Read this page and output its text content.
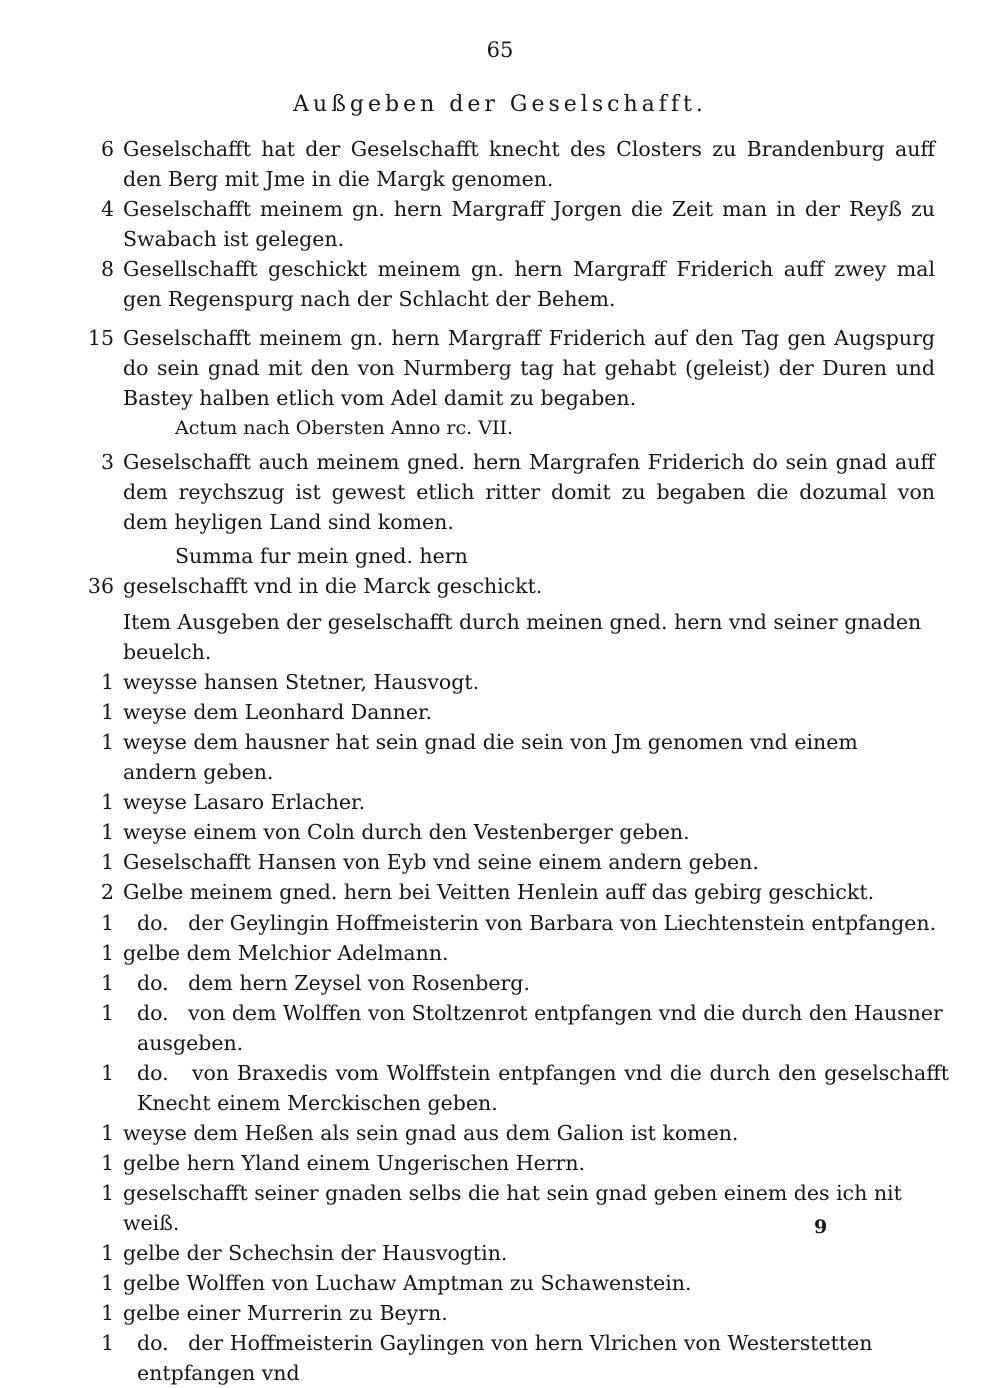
65
Außgeben der Geselschafft.
6 Geselschafft hat der Geselschafft knecht des Closters zu Brandenburg auff den Berg mit Jme in die Margk genomen.
4 Geselschafft meinem gn. hern Margraff Jorgen die Zeit man in der Reyß zu Swabach ist gelegen.
8 Gesellschafft geschickt meinem gn. hern Margraff Friderich auff zwey mal gen Regenspurg nach der Schlacht der Behem.
15 Geselschafft meinem gn. hern Margraff Friderich auf den Tag gen Augspurg do sein gnad mit den von Nurmberg tag hat gehabt (geleist) der Duren und Bastey halben etlich vom Adel damit zu begaben.
Actum nach Obersten Anno rc. VII.
3 Geselschafft auch meinem gned. hern Margrafen Friderich do sein gnad auff dem reychszug ist gewest etlich ritter domit zu begaben die dozumal von dem heyligen Land sind komen.
Summa fur mein gned. hern
36 geselschafft vnd in die Marck geschickt.
Item Ausgeben der geselschafft durch meinen gned. hern vnd seiner gnaden beuelch.
1 weysse hansen Stetner, Hausvogt.
1 weyse dem Leonhard Danner.
1 weyse dem hausner hat sein gnad die sein von Jm genomen vnd einem andern geben.
1 weyse Lasaro Erlacher.
1 weyse einem von Coln durch den Vestenberger geben.
1 Geselschafft Hansen von Eyb vnd seine einem andern geben.
2 Gelbe meinem gned. hern bei Veitten Henlein auff das gebirg geschickt.
1 do.   der Geylingin Hoffmeisterin von Barbara von Liechtenstein entpfangen.
1 gelbe dem Melchior Adelmann.
1 do.   dem hern Zeysel von Rosenberg.
1 do.   von dem Wolffen von Stoltzenrot entpfangen vnd die durch den Hausner ausgeben.
1 do.   von Braxedis vom Wolffstein entpfangen vnd die durch den geselschafft Knecht einem Merckischen geben.
1 weyse dem Heßen als sein gnad aus dem Galion ist komen.
1 gelbe hern Yland einem Ungerischen Herrn.
1 geselschafft seiner gnaden selbs die hat sein gnad geben einem des ich nit weiß.
1 gelbe der Schechsin der Hausvogtin.
1 gelbe Wolffen von Luchaw Amptman zu Schawenstein.
1 gelbe einer Murrerin zu Beyrn.
1 do.   der Hoffmeisterin Gaylingen von hern Vlrichen von Westerstetten entpfangen vnd
9
